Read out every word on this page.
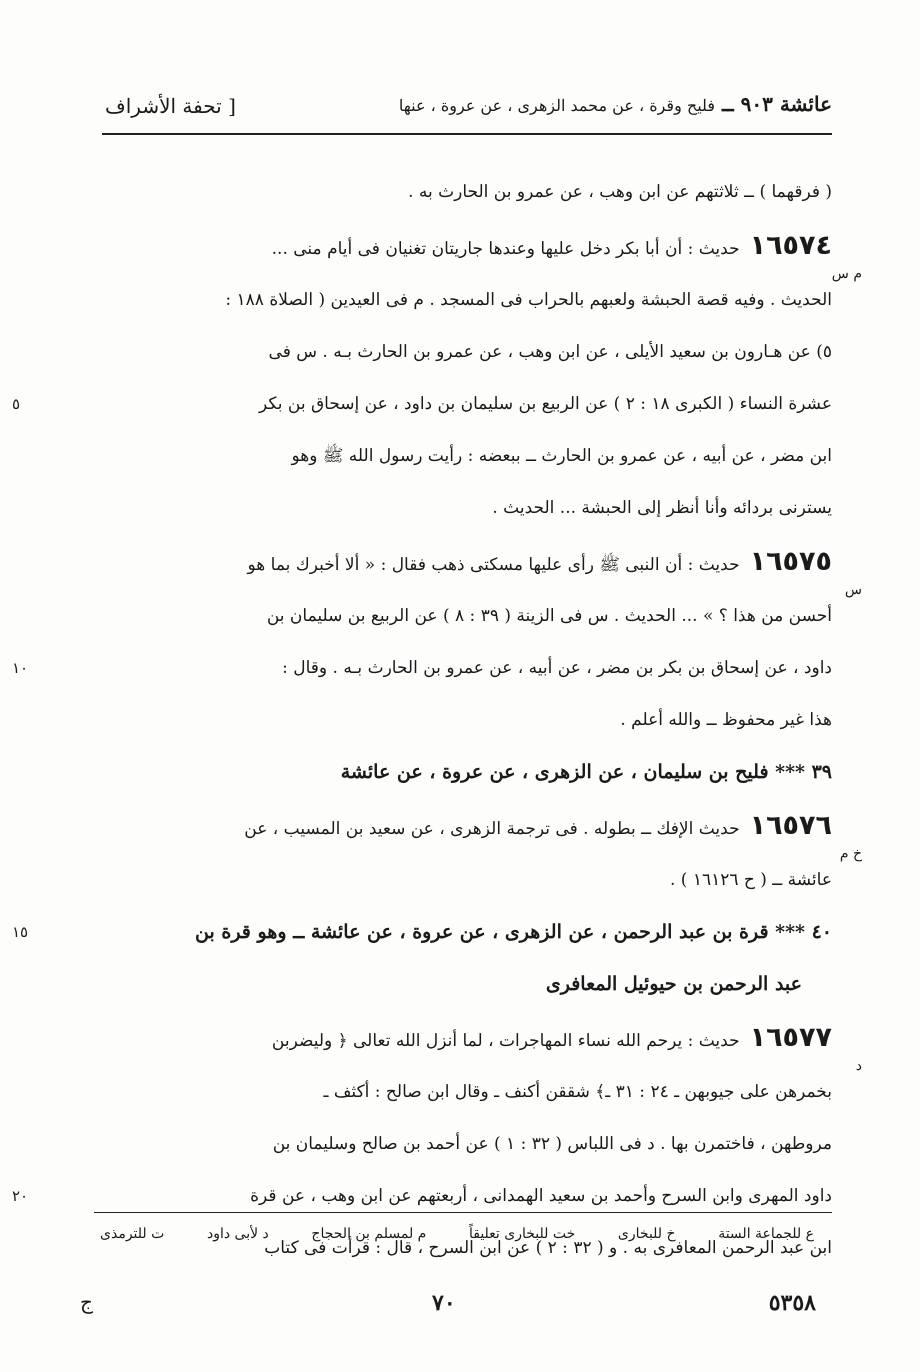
عائشة ٩٠٣ ــ فليح وقرة ، عن محمد الزهرى ، عن عروة ، عنها
[ تحفة الأشراف
( فرقهما ) ــ ثلاثتهم عن ابن وهب ، عن عمرو بن الحارث به .
١٦٥٧٤حديث : أن أبا بكر دخل عليها وعندها جاريتان تغنيان فى أيام منى ...
الحديث . وفيه قصة الحبشة ولعبهم بالحراب فى المسجد . م فى العيدين ( الصلاة ١٨٨ :
م س
٥) عن هـارون بن سعيد الأيلى ، عن ابن وهب ، عن عمرو بن الحارث بـه . س فى
عشرة النساء ( الكبرى ١٨ : ٢ ) عن الربيع بن سليمان بن داود ، عن إسحاق بن بكر
٥
ابن مضر ، عن أبيه ، عن عمرو بن الحارث ــ ببعضه : رأيت رسول الله ﷺ وهو
يسترنى بردائه وأنا أنظر إلى الحبشة ... الحديث .
١٦٥٧٥حديث : أن النبى ﷺ رأى عليها مسكتى ذهب فقال : « ألا أخبرك بما هو
أحسن من هذا ؟ » ... الحديث . س فى الزينة ( ٣٩ : ٨ ) عن الربيع بن سليمان بن
س
داود ، عن إسحاق بن بكر بن مضر ، عن أبيه ، عن عمرو بن الحارث بـه . وقال :
١٠
هذا غير محفوظ ــ والله أعلم .
٣٩ *** فليح بن سليمان ، عن الزهرى ، عن عروة ، عن عائشة
١٦٥٧٦حديث الإفك ــ بطوله . فى ترجمة الزهرى ، عن سعيد بن المسيب ، عن
عائشة ــ ( ح ١٦١٢٦ ) .
خ م
٤٠ *** قرة بن عبد الرحمن ، عن الزهرى ، عن عروة ، عن عائشة ــ وهو قرة بن
١٥
عبد الرحمن بن حيوئيل المعافرى
١٦٥٧٧حديث : يرحم الله نساء المهاجرات ، لما أنزل الله تعالى ﴿ وليضربن
بخمرهن على جيوبهن ـ ٢٤ : ٣١ ـ﴾ شققن أكنف ـ وقال ابن صالح : أكثف ـ
د
مروطهن ، فاختمرن بها . د فى اللباس ( ٣٢ : ١ ) عن أحمد بن صالح وسليمان بن
داود المهرى وابن السرح وأحمد بن سعيد الهمدانى ، أربعتهم عن ابن وهب ، عن قرة
٢٠
ابن عبد الرحمن المعافرى به . و ( ٣٢ : ٢ ) عن ابن السرح ، قال : قرأت فى كتاب
ع للجماعة الستة
خ للبخارى
خت للبخارى تعليقاً
م لمسلم بن الحجاج
د لأبى داود
ت للترمذى
ج	٧٠	٥٣٥٨
